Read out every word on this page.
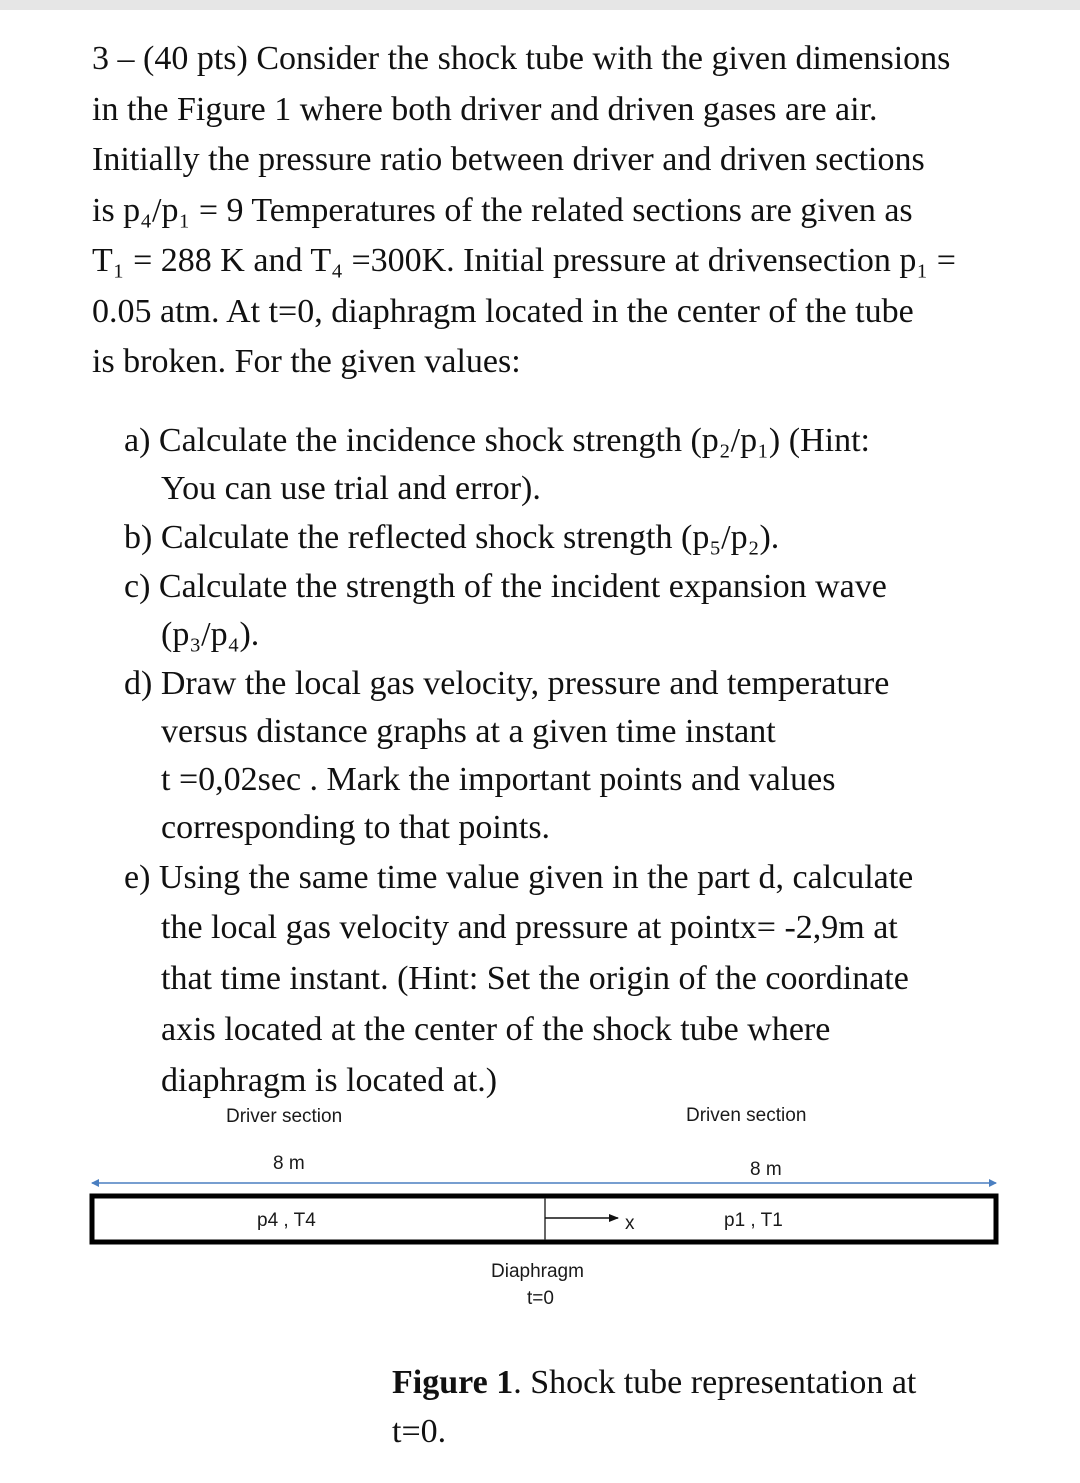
3 – (40 pts) Consider the shock tube with the given dimensions
in the Figure 1 where both driver and driven gases are air.
Initially the pressure ratio between driver and driven sections
is p₄/p₁ = 9 Temperatures of the related sections are given as
T₁ = 288 K and T₄ =300K. Initial pressure at drivensection p₁ =
0.05 atm. At t=0, diaphragm located in the center of the tube
is broken. For the given values:
a) Calculate the incidence shock strength (p₂/p₁) (Hint:
You can use trial and error).
b) Calculate the reflected shock strength (p₅/p₂).
c) Calculate the strength of the incident expansion wave
(p₃/p₄).
d) Draw the local gas velocity, pressure and temperature
versus distance graphs at a given time instant
t =0,02sec . Mark the important points and values
corresponding to that points.
e) Using the same time value given in the part d, calculate
the local gas velocity and pressure at pointx= -2,9m at
that time instant. (Hint: Set the origin of the coordinate
axis located at the center of the shock tube where
diaphragm is located at.)
Driver section	Driven section
8 m	8 m
p4 , T4	p1 , T1
x
Diaphragm
t=0
Figure 1. Shock tube representation at
t=0.
